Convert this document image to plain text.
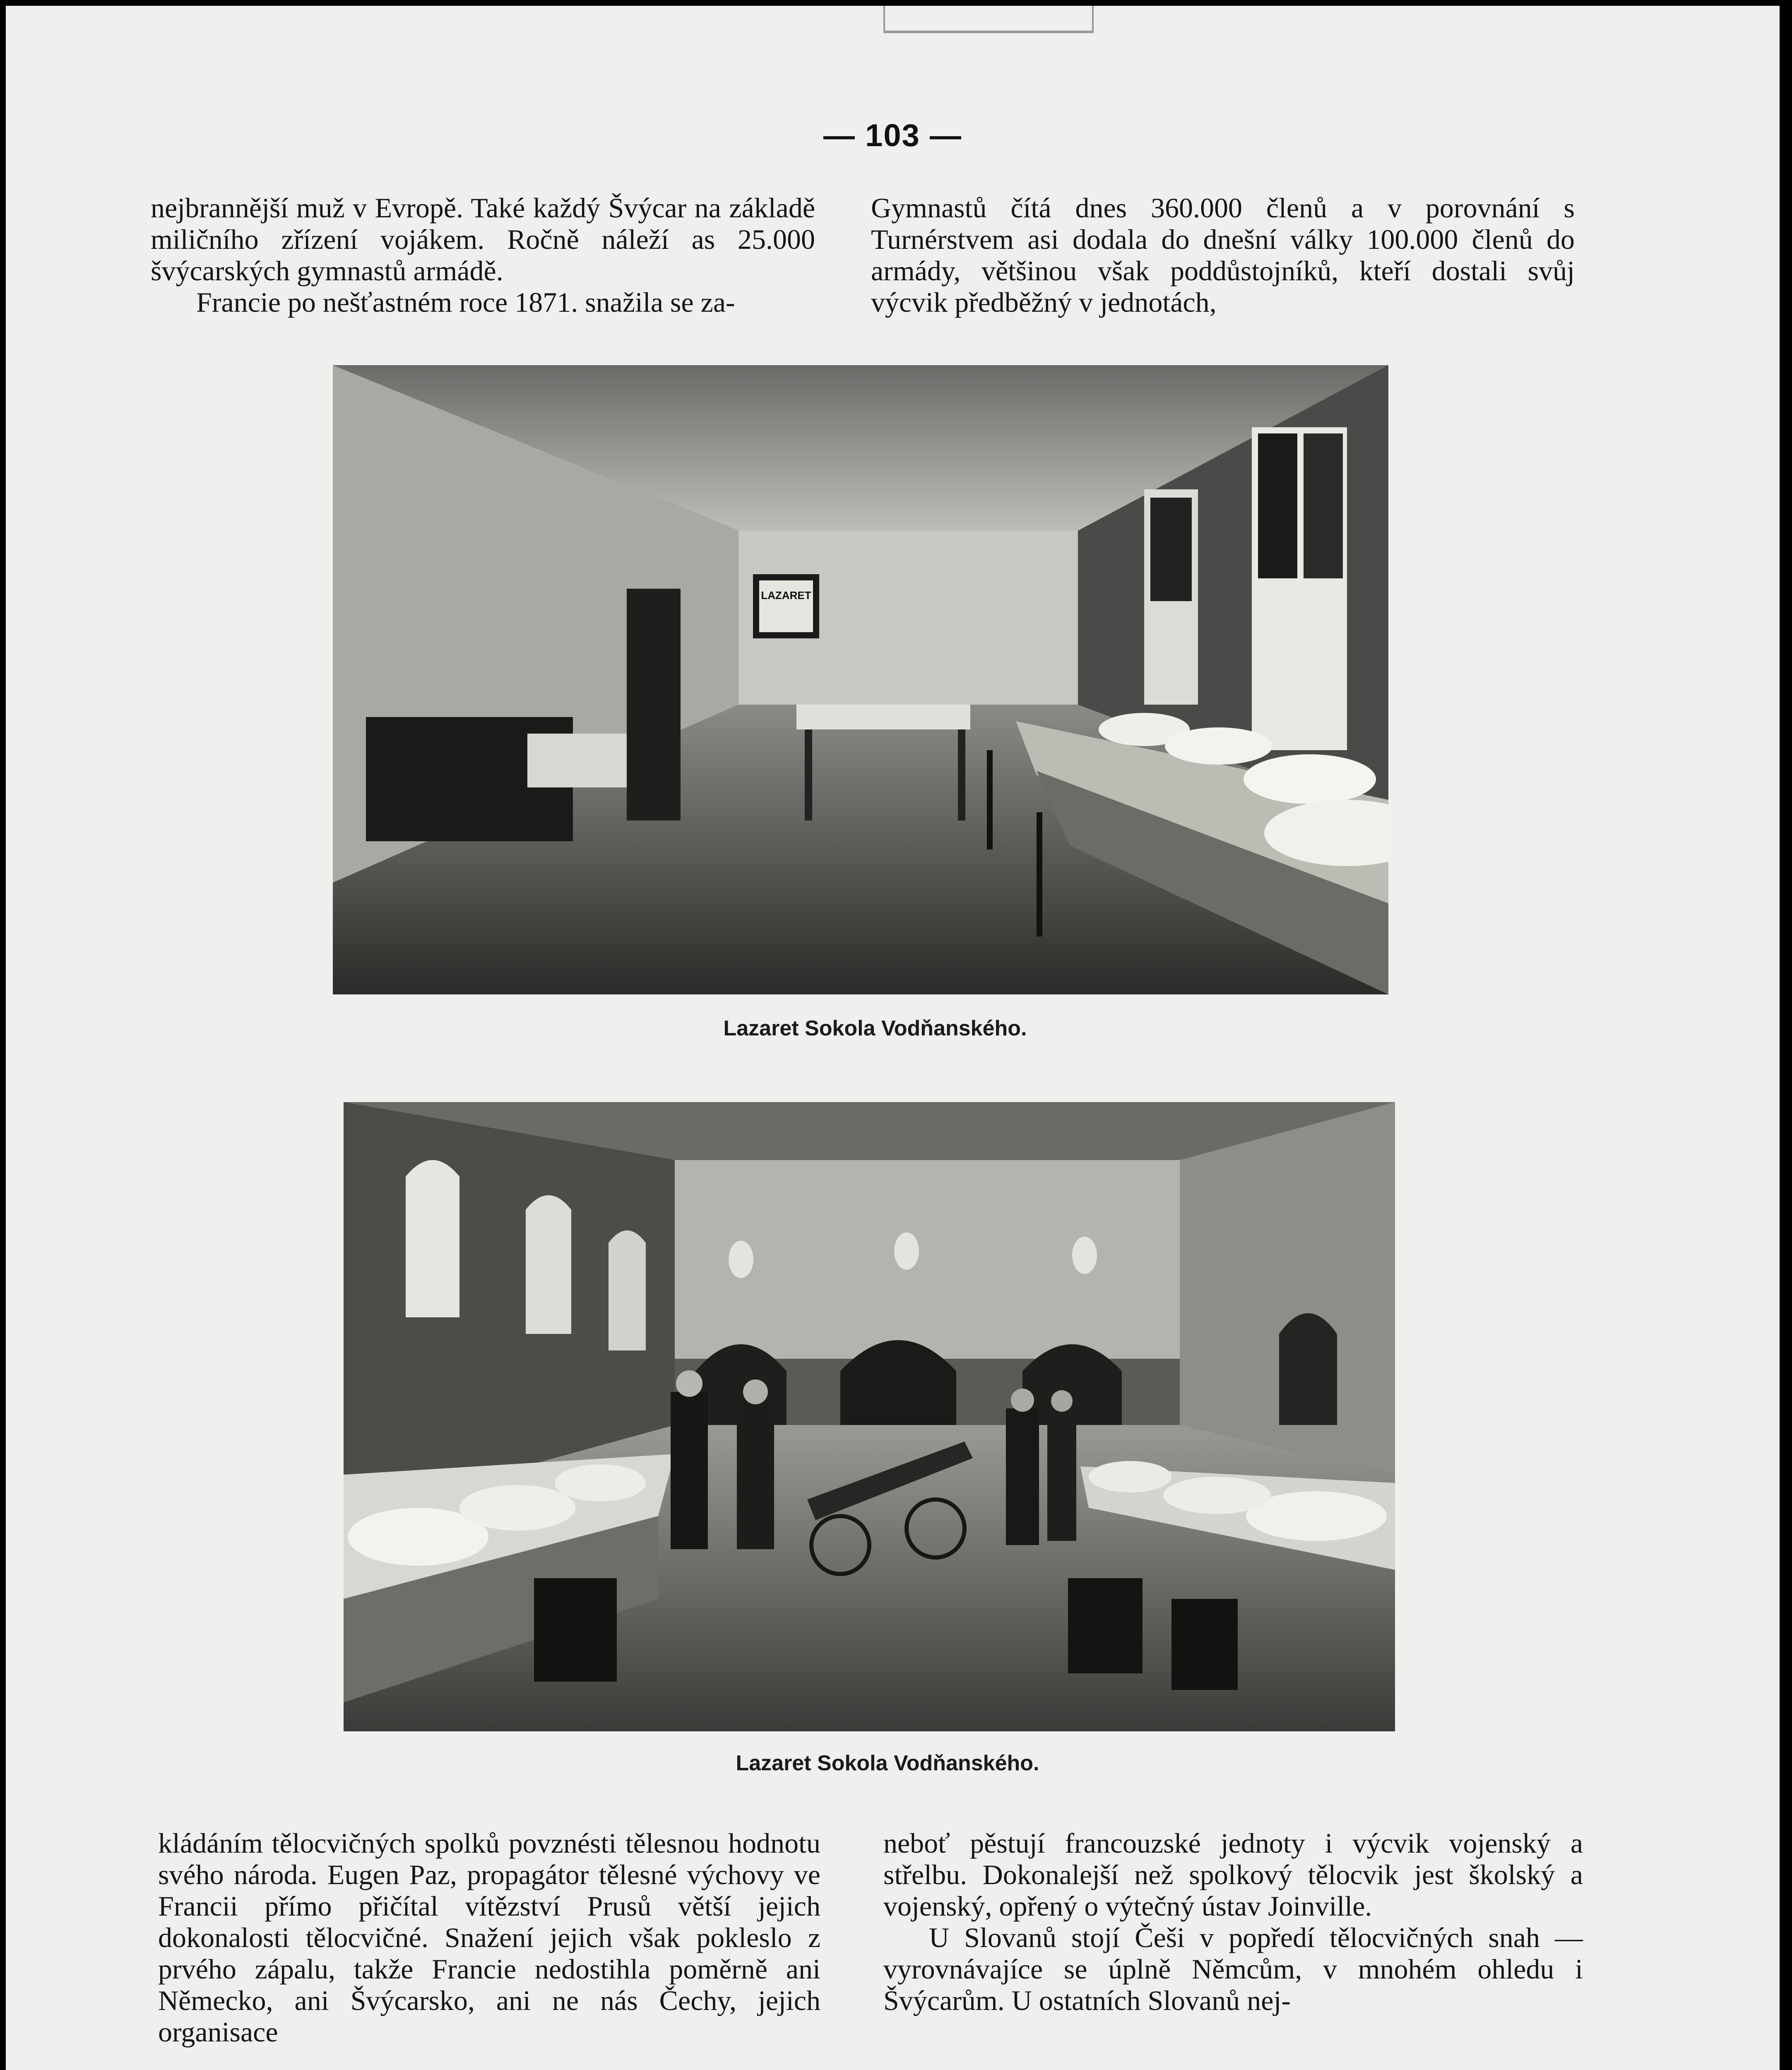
— 103 —

nejbrannější muž v Evropě. Také každý Švýcar na základě miličního zřízení vojákem. Ročně náleží as 25.000 švýcarských gymnastů armádě.

Francie po nešťastném roce 1871. snažila se za-

Gymnastů čítá dnes 360.000 členů a v porovnání s Turnérstvem asi dodala do dnešní války 100.000 členů do armády, většinou však poddůstojníků, kteří dostali svůj výcvik předběžný v jednotách,

LAZARET
Lazaret Sokola Vodňanského.
Lazaret Sokola Vodňanského.

kládáním tělocvičných spolků povznésti tělesnou hodnotu svého národa. Eugen Paz, propagátor tělesné výchovy ve Francii přímo přičítal vítězství Prusů větší jejich dokonalosti tělocvičné. Snažení jejich však pokleslo z prvého zápalu, takže Francie nedostihla poměrně ani Německo, ani Švýcarsko, ani ne nás Čechy, jejich organisace

neboť pěstují francouzské jednoty i výcvik vojenský a střelbu. Dokonalejší než spolkový tělocvik jest školský a vojenský, opřený o výtečný ústav Joinville.

U Slovanů stojí Češi v popředí tělocvičných snah — vyrovnávajíce se úplně Němcům, v mnohém ohledu i Švýcarům. U ostatních Slovanů nej-
